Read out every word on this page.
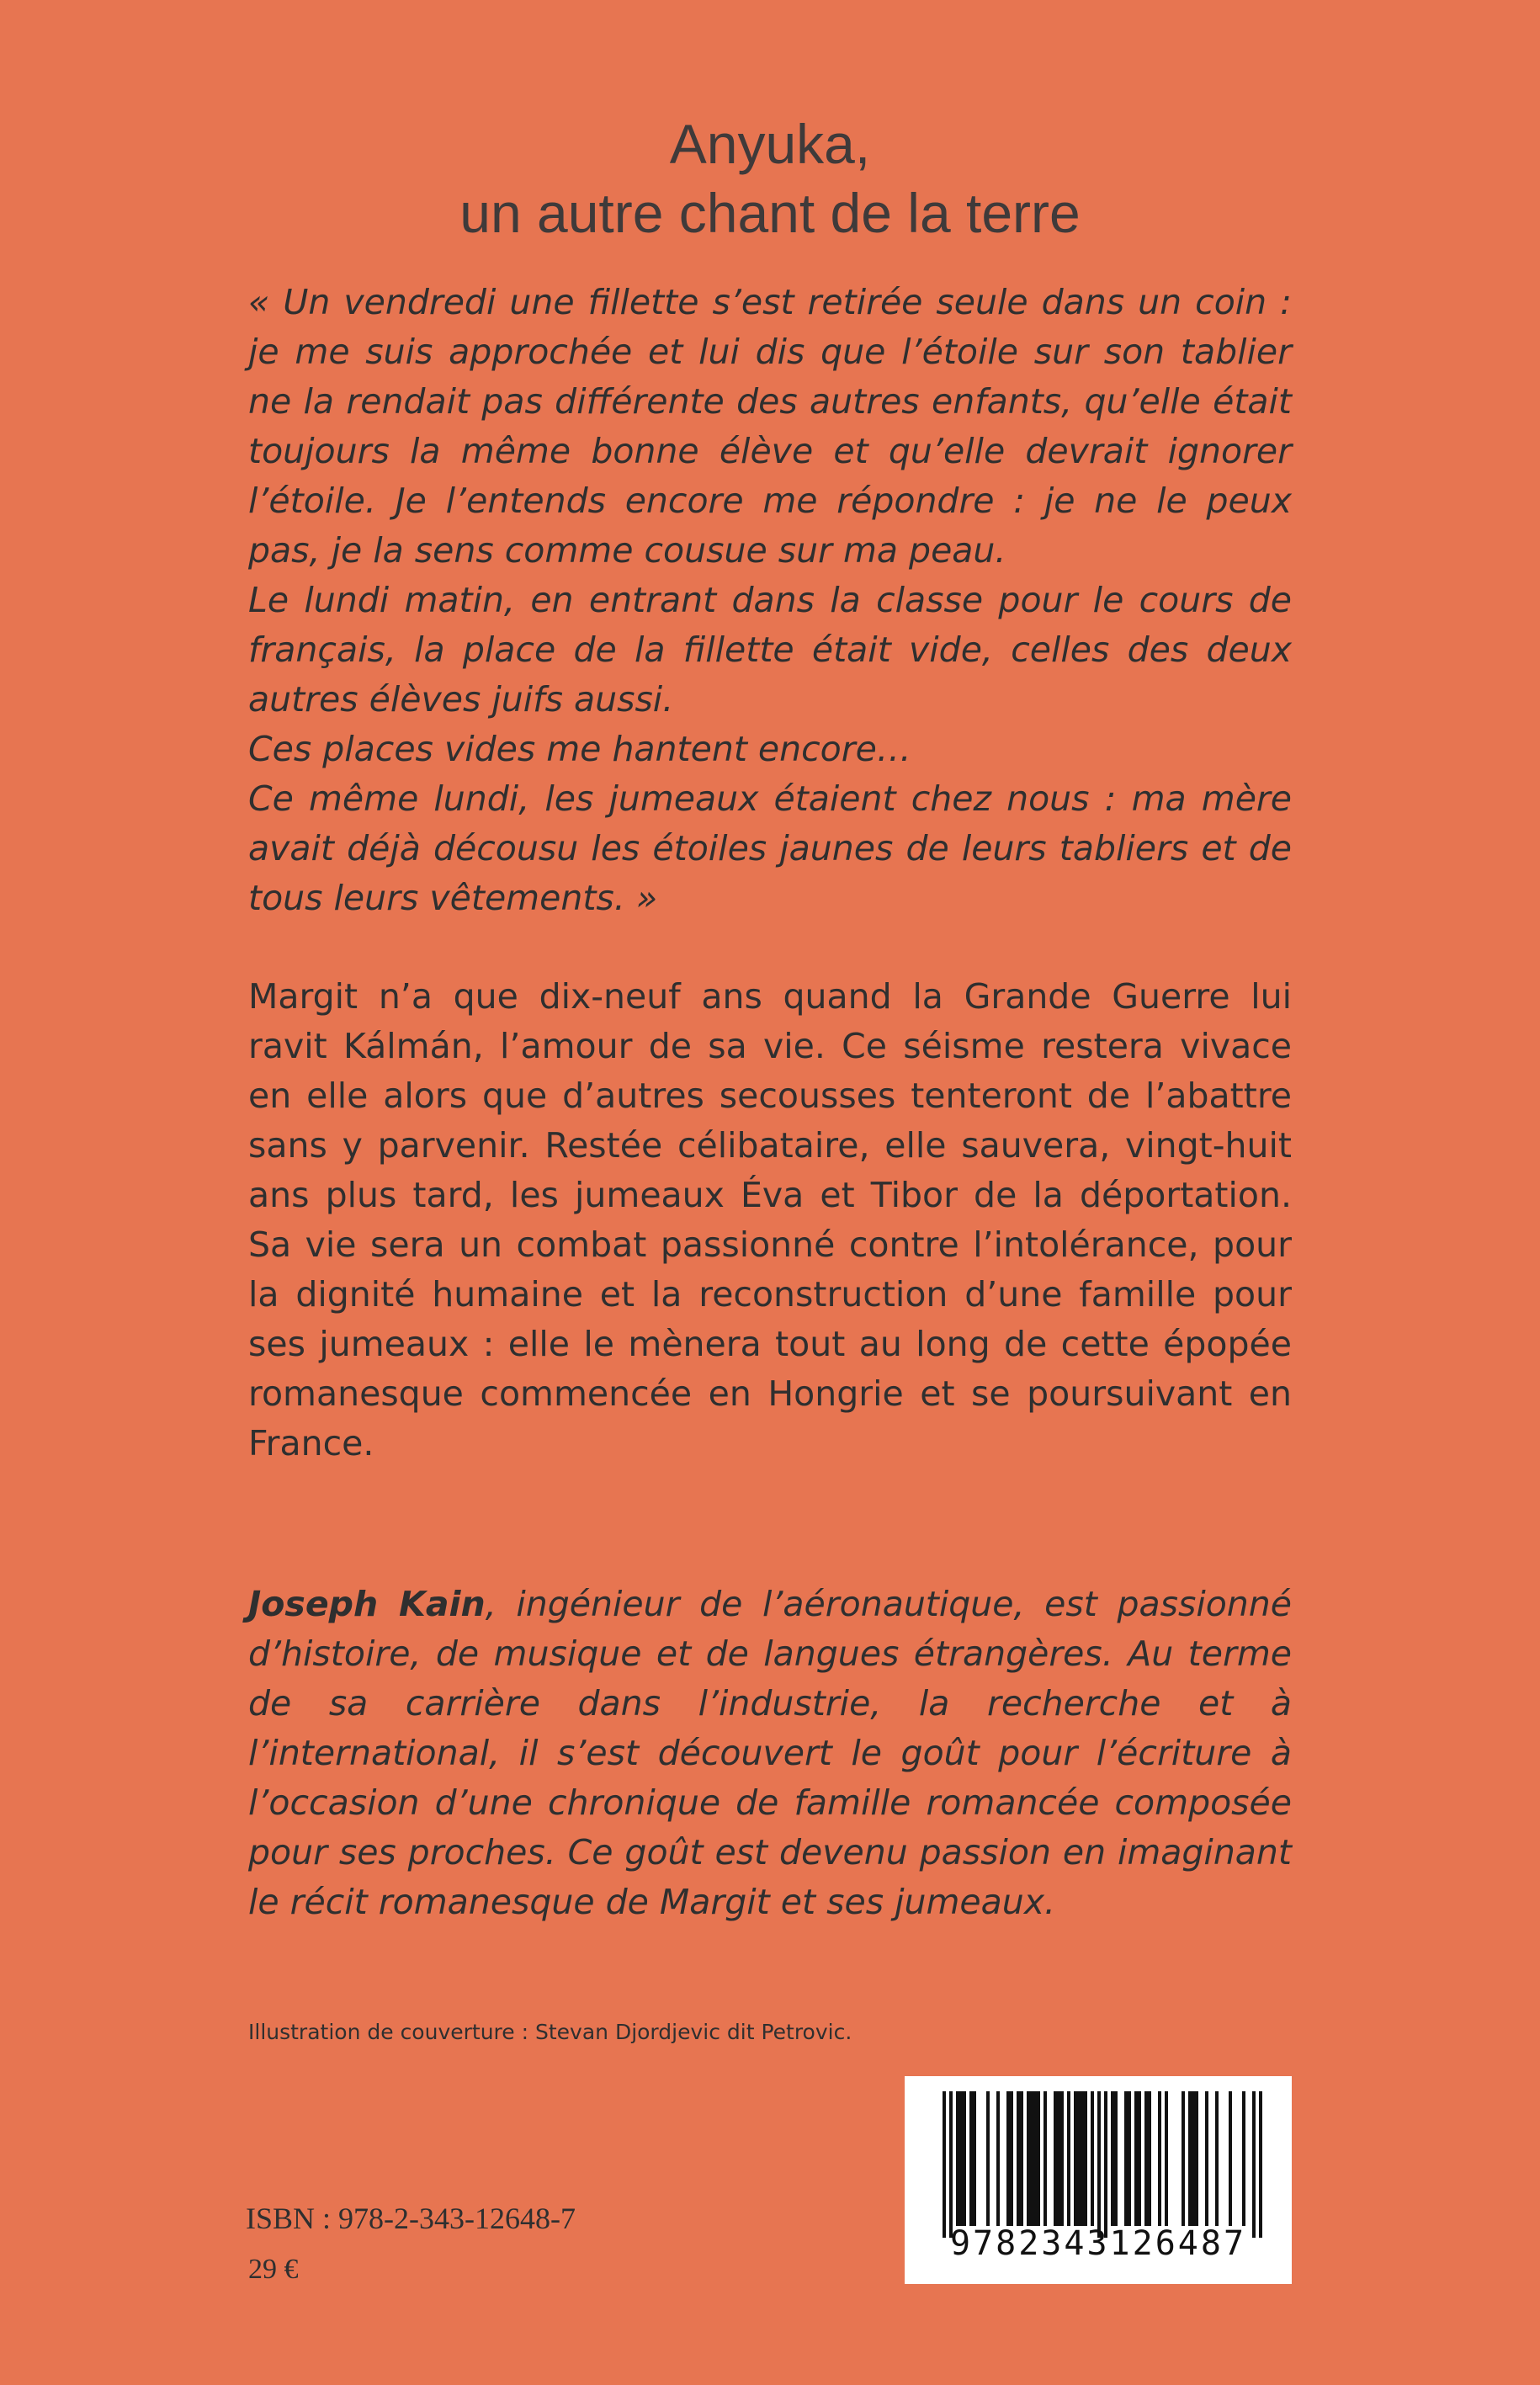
Anyuka,
un autre chant de la terre

« Un vendredi une fillette s’est retirée seule dans un coin : je me suis approchée et lui dis que l’étoile sur son tablier ne la rendait pas différente des autres enfants, qu’elle était toujours la même bonne élève et qu’elle devrait ignorer l’étoile. Je l’entends encore me répondre : je ne le peux pas, je la sens comme cousue sur ma peau.

Le lundi matin, en entrant dans la classe pour le cours de français, la place de la fillette était vide, celles des deux autres élèves juifs aussi.

Ces places vides me hantent encore…

Ce même lundi, les jumeaux étaient chez nous : ma mère avait déjà décousu les étoiles jaunes de leurs tabliers et de tous leurs vêtements. »

Margit n’a que dix-neuf ans quand la Grande Guerre lui ravit Kálmán, l’amour de sa vie. Ce séisme restera vivace en elle alors que d’autres secousses tenteront de l’abattre sans y parvenir. Restée célibataire, elle sauvera, vingt-huit ans plus tard, les jumeaux Éva et Tibor de la déportation. Sa vie sera un combat passionné contre l’intolérance, pour la dignité humaine et la reconstruction d’une famille pour ses jumeaux : elle le mènera tout au long de cette épopée romanesque commencée en Hongrie et se poursuivant en France.

Joseph Kain, ingénieur de l’aéronautique, est passionné d’histoire, de musique et de langues étrangères. Au terme de sa carrière dans l’industrie, la recherche et à l’international, il s’est découvert le goût pour l’écriture à l’occasion d’une chronique de famille romancée composée pour ses proches. Ce goût est devenu passion en imaginant le récit romanesque de Margit et ses jumeaux.

Illustration de couverture : Stevan Djordjevic dit Petrovic.
ISBN : 978-2-343-12648-7
29 €
9782343126487
